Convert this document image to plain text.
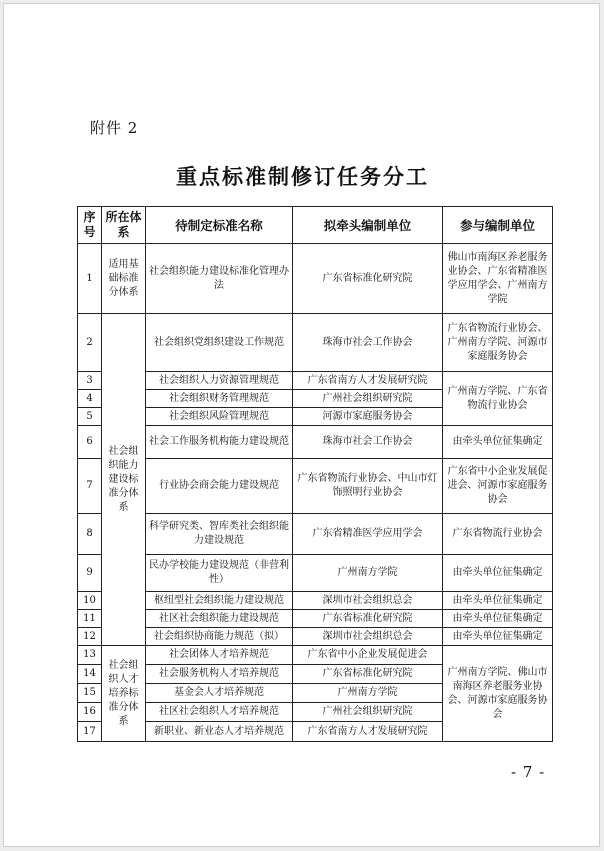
附件 2
重点标准制修订任务分工
序号	所在体系	待制定标准名称	拟牵头编制单位	参与编制单位
1	适用基础标准分体系	社会组织能力建设标准化管理办法	广东省标准化研究院	佛山市南海区养老服务业协会、广东省精准医学应用学会、广州南方学院
2	社会组织能力建设标准分体系	社会组织党组织建设工作规范	珠海市社会工作协会	广东省物流行业协会、广州南方学院、河源市家庭服务协会
3		社会组织人力资源管理规范	广东省南方人才发展研究院	广州南方学院、广东省物流行业协会
4		社会组织财务管理规范	广州社会组织研究院	
5		社会组织风险管理规范	河源市家庭服务协会	
6		社会工作服务机构能力建设规范	珠海市社会工作协会	由牵头单位征集确定
7		行业协会商会能力建设规范	广东省物流行业协会、中山市灯饰照明行业协会	广东省中小企业发展促进会、河源市家庭服务协会
8		科学研究类、智库类社会组织能力建设规范	广东省精准医学应用学会	广东省物流行业协会
9		民办学校能力建设规范（非营利性）	广州南方学院	由牵头单位征集确定
10		枢纽型社会组织能力建设规范	深圳市社会组织总会	由牵头单位征集确定
11		社区社会组织能力建设规范	广东省标准化研究院	由牵头单位征集确定
12		社会组织协商能力规范（拟）	深圳市社会组织总会	由牵头单位征集确定
13	社会组织人才培养标准分体系	社会团体人才培养规范	广东省中小企业发展促进会	广州南方学院、佛山市南海区养老服务业协会、河源市家庭服务协会
14		社会服务机构人才培养规范	广东省标准化研究院	
15		基金会人才培养规范	广州南方学院	
16		社区社会组织人才培养规范	广州社会组织研究院	
17		新职业、新业态人才培养规范	广东省南方人才发展研究院	
- 7 -
